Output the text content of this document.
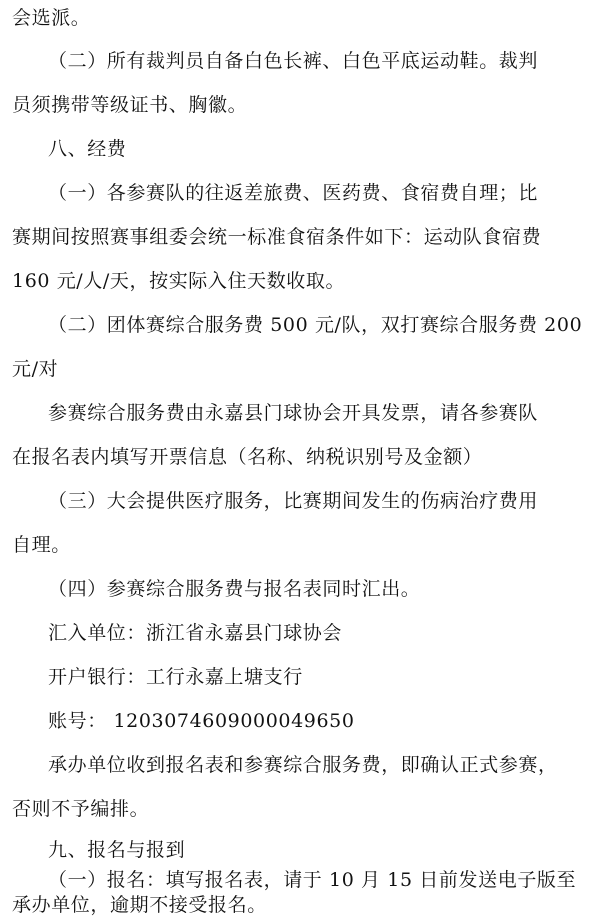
会选派。
（二）所有裁判员自备白色长裤、白色平底运动鞋。裁判
员须携带等级证书、胸徽。
八、经费
（一）各参赛队的往返差旅费、医药费、食宿费自理；比
赛期间按照赛事组委会统一标准食宿条件如下：运动队食宿费
160 元/人/天，按实际入住天数收取。
（二）团体赛综合服务费 500 元/队，双打赛综合服务费 200
元/对
参赛综合服务费由永嘉县门球协会开具发票，请各参赛队
在报名表内填写开票信息（名称、纳税识别号及金额）
（三）大会提供医疗服务，比赛期间发生的伤病治疗费用
自理。
（四）参赛综合服务费与报名表同时汇出。
汇入单位：浙江省永嘉县门球协会
开户银行：工行永嘉上塘支行
账号： 1203074609000049650
承办单位收到报名表和参赛综合服务费，即确认正式参赛，
否则不予编排。
九、报名与报到
（一）报名：填写报名表，请于 10 月 15 日前发送电子版至
承办单位，逾期不接受报名。
